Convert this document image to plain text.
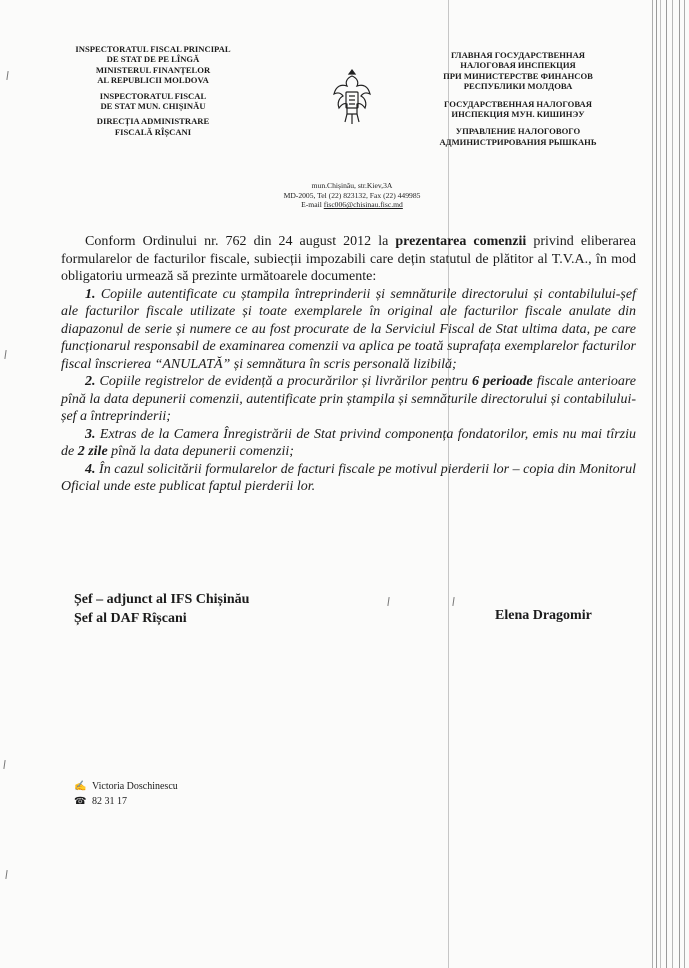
INSPECTORATUL FISCAL PRINCIPAL
DE STAT DE PE LÎNGĂ
MINISTERUL FINANȚELOR
AL REPUBLICII MOLDOVA
INSPECTORATUL FISCAL
DE STAT MUN. CHIȘINĂU
DIRECȚIA ADMINISTRARE
FISCALĂ RÎȘCANI
ГЛАВНАЯ ГОСУДАРСТВЕННАЯ
НАЛОГОВАЯ ИНСПЕКЦИЯ
ПРИ МИНИСТЕРСТВЕ ФИНАНСОВ
РЕСПУБЛИКИ МОЛДОВА
ГОСУДАРСТВЕННАЯ НАЛОГОВАЯ
ИНСПЕКЦИЯ МУН. КИШИНЭУ
УПРАВЛЕНИЕ НАЛОГОВОГО
АДМИНИСТРИРОВАНИЯ РЫШКАНЬ
mun.Chișinău, str.Kiev,3A
MD-2005, Tel (22) 823132, Fax (22) 449985
E-mail fisc006@chisinau.fisc.md

Conform Ordinului nr. 762 din 24 august 2012 la prezentarea comenzii privind eliberarea formularelor de facturilor fiscale, subiecții impozabili care dețin statutul de plătitor al T.V.A., în mod obligatoriu urmează să prezinte următoarele documente:

1. Copiile autentificate cu ștampila întreprinderii și semnăturile directorului și contabilului-șef ale facturilor fiscale utilizate și toate exemplarele în original ale facturilor fiscale anulate din diapazonul de serie și numere ce au fost procurate de la Serviciul Fiscal de Stat ultima data, pe care funcționarul responsabil de examinarea comenzii va aplica pe toată suprafața exemplarelor facturilor fiscal înscrierea “ANULATĂ” și semnătura în scris personală lizibilă;

2. Copiile registrelor de evidență a procurărilor și livrărilor pentru 6 perioade fiscale anterioare pînă la data depunerii comenzii, autentificate prin ștampila și semnăturile directorului și contabilului-șef a întreprinderii;

3. Extras de la Camera Înregistrării de Stat privind componența fondatorilor, emis nu mai tîrziu de 2 zile pînă la data depunerii comenzii;

4. În cazul solicitării formularelor de facturi fiscale pe motivul pierderii lor – copia din Monitorul Oficial unde este publicat faptul pierderii lor.

Șef – adjunct al IFS Chișinău
Șef al DAF Rîșcani	Elena Dragomir
✍ Victoria Doschinescu
☎ 82 31 17
